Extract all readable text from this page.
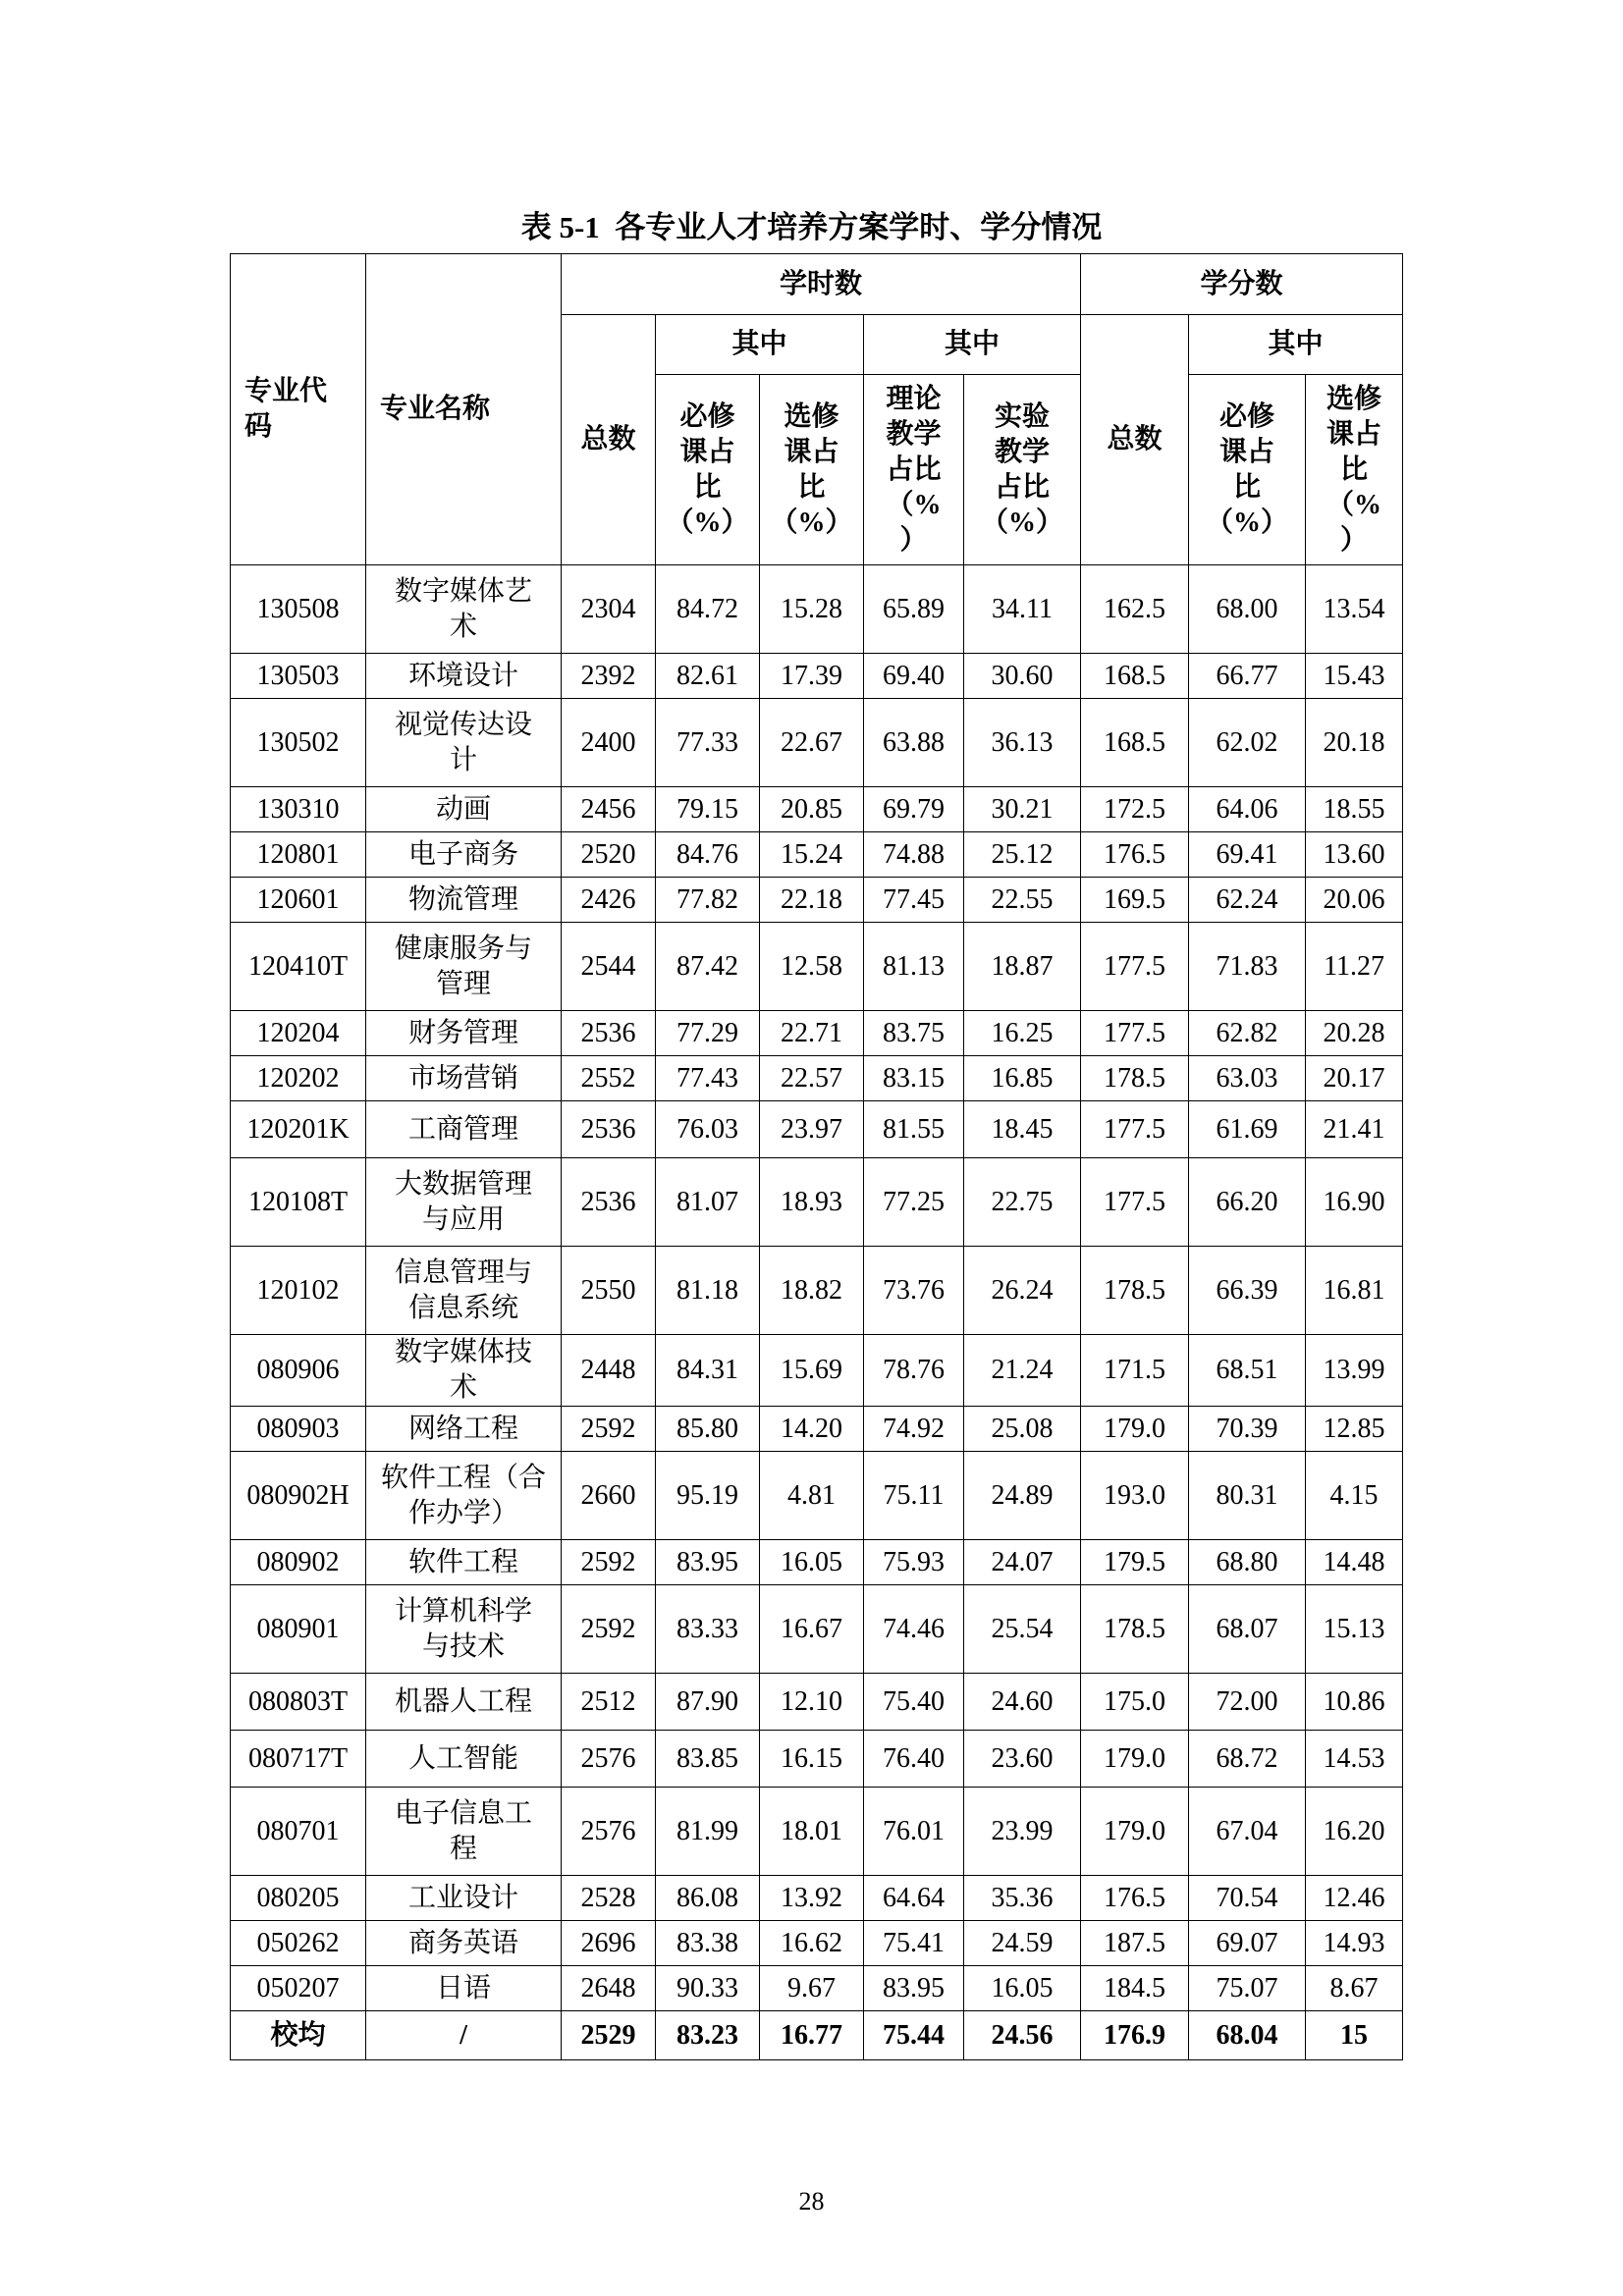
表 5-1  各专业人才培养方案学时、学分情况
专业代
码	专业名称	学时数					学分数		
		总数	其中		其中		总数	其中	
			必修
课占
比
（%）	选修
课占
比
（%）	理论
教学
占比
（%
）	实验
教学
占比
（%）		必修
课占
比
（%）	选修
课占
比
（%
）
130508	数字媒体艺
术	2304	84.72	15.28	65.89	34.11	162.5	68.00	13.54
130503	环境设计	2392	82.61	17.39	69.40	30.60	168.5	66.77	15.43
130502	视觉传达设
计	2400	77.33	22.67	63.88	36.13	168.5	62.02	20.18
130310	动画	2456	79.15	20.85	69.79	30.21	172.5	64.06	18.55
120801	电子商务	2520	84.76	15.24	74.88	25.12	176.5	69.41	13.60
120601	物流管理	2426	77.82	22.18	77.45	22.55	169.5	62.24	20.06
120410T	健康服务与
管理	2544	87.42	12.58	81.13	18.87	177.5	71.83	11.27
120204	财务管理	2536	77.29	22.71	83.75	16.25	177.5	62.82	20.28
120202	市场营销	2552	77.43	22.57	83.15	16.85	178.5	63.03	20.17
120201K	工商管理	2536	76.03	23.97	81.55	18.45	177.5	61.69	21.41
120108T	大数据管理
与应用	2536	81.07	18.93	77.25	22.75	177.5	66.20	16.90
120102	信息管理与
信息系统	2550	81.18	18.82	73.76	26.24	178.5	66.39	16.81
080906	数字媒体技
术	2448	84.31	15.69	78.76	21.24	171.5	68.51	13.99
080903	网络工程	2592	85.80	14.20	74.92	25.08	179.0	70.39	12.85
080902H	软件工程（合
作办学）	2660	95.19	4.81	75.11	24.89	193.0	80.31	4.15
080902	软件工程	2592	83.95	16.05	75.93	24.07	179.5	68.80	14.48
080901	计算机科学
与技术	2592	83.33	16.67	74.46	25.54	178.5	68.07	15.13
080803T	机器人工程	2512	87.90	12.10	75.40	24.60	175.0	72.00	10.86
080717T	人工智能	2576	83.85	16.15	76.40	23.60	179.0	68.72	14.53
080701	电子信息工
程	2576	81.99	18.01	76.01	23.99	179.0	67.04	16.20
080205	工业设计	2528	86.08	13.92	64.64	35.36	176.5	70.54	12.46
050262	商务英语	2696	83.38	16.62	75.41	24.59	187.5	69.07	14.93
050207	日语	2648	90.33	9.67	83.95	16.05	184.5	75.07	8.67
校均	/	2529	83.23	16.77	75.44	24.56	176.9	68.04	15
28
